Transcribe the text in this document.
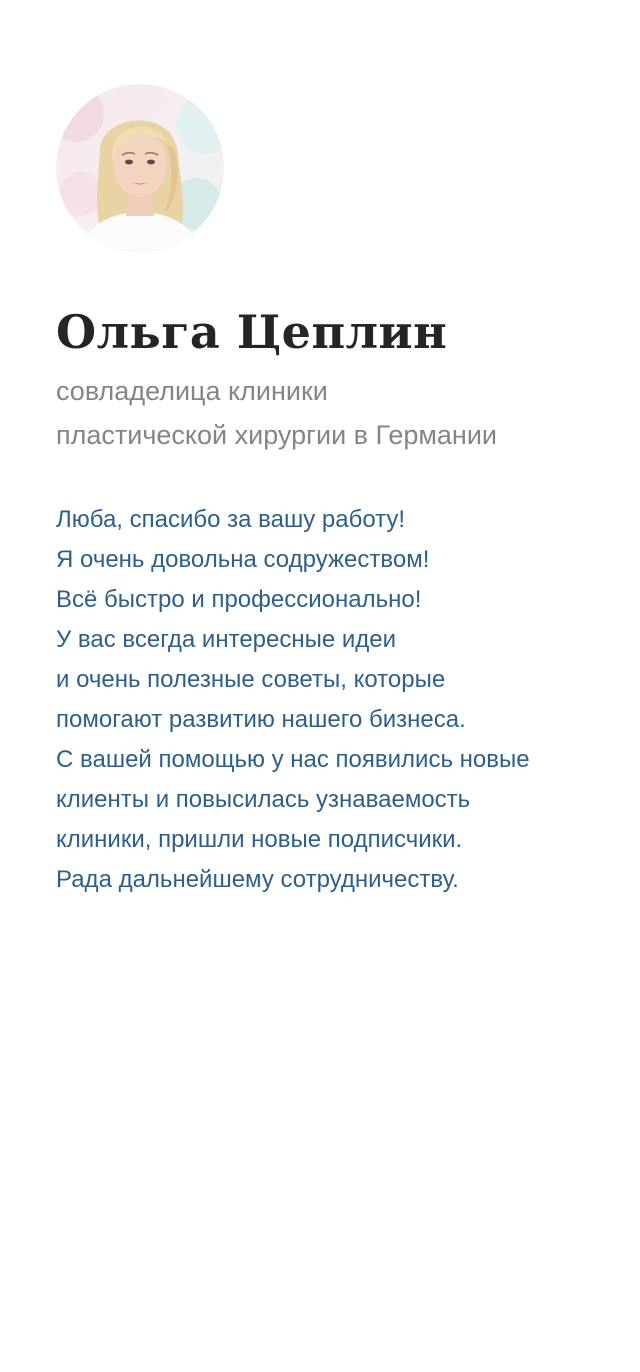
Ольга Цеплин
совладелица клиники
пластической хирургии в Германии
Люба, спасибо за вашу работу!
Я очень довольна содружеством!
Всё быстро и профессионально!
У вас всегда интересные идеи
и очень полезные советы, которые
помогают развитию нашего бизнеса.
С вашей помощью у нас появились новые
клиенты и повысилась узнаваемость
клиники, пришли новые подписчики.
Рада дальнейшему сотрудничеству.
